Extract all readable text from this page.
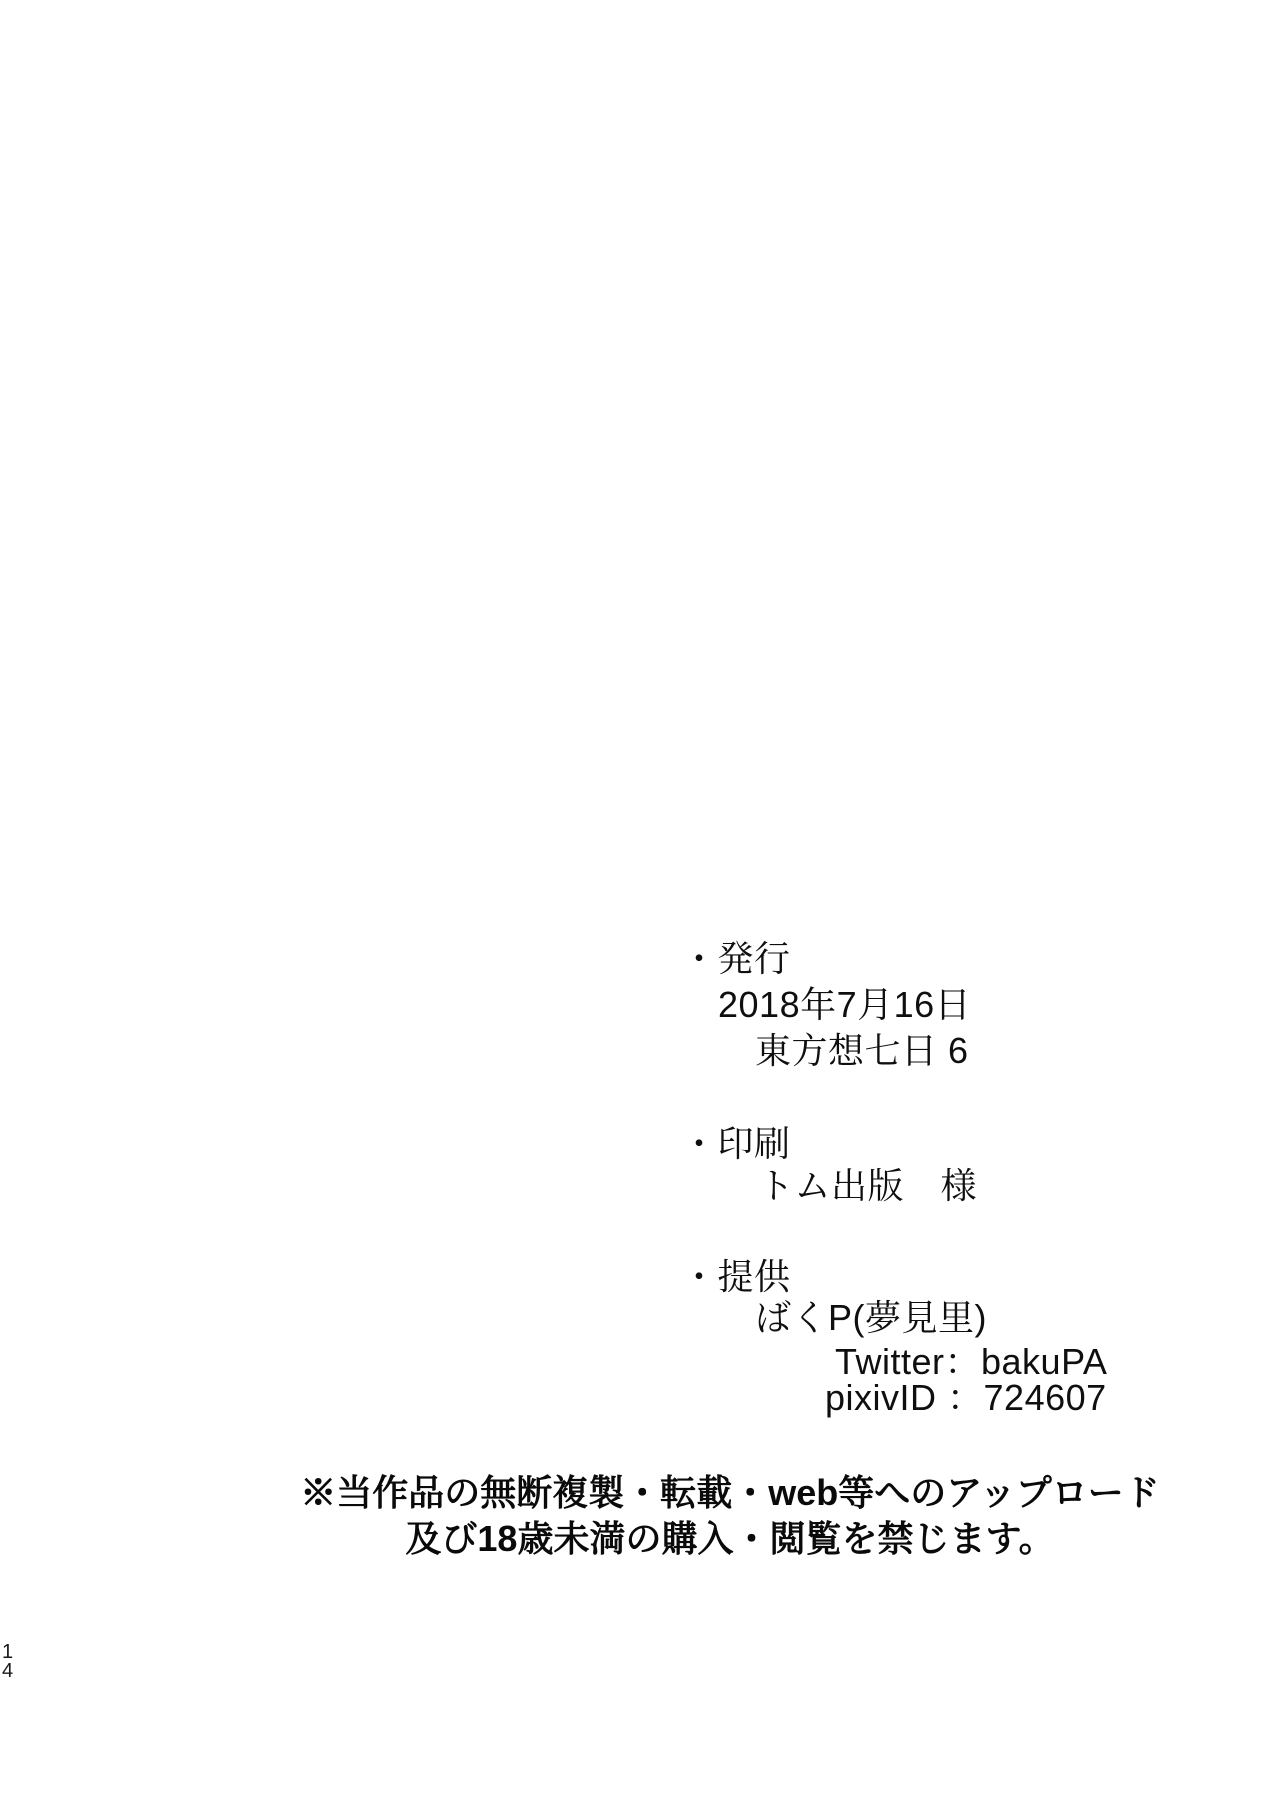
・発行
2018年7月16日
東方想七日 6
・印刷
トム出版　様
・提供
ばくP(夢見里)
Twitter：bakuPA
pixivID ：724607
※当作品の無断複製・転載・web等へのアップロード
及び18歳未満の購入・閲覧を禁じます。
1
4
